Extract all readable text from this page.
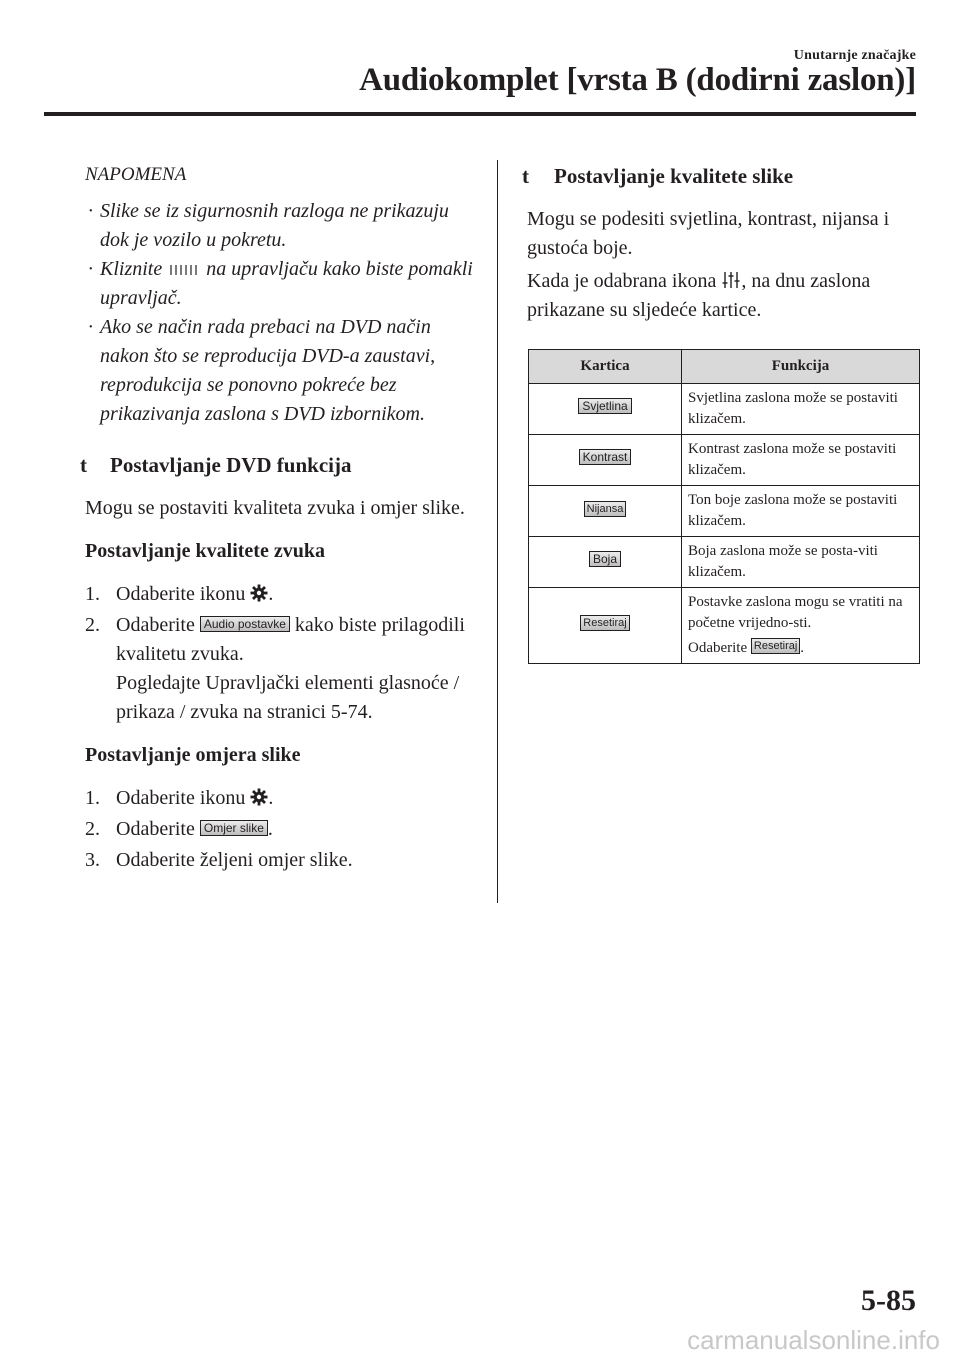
Unutarnje značajke
Audiokomplet [vrsta B (dodirni zaslon)]
NAPOMENA
· Slike se iz sigurnosnih razloga ne prikazuju dok je vozilo u pokretu.
· Kliznite na upravljaču kako biste pomakli upravljač.
· Ako se način rada prebaci na DVD način nakon što se reproducija DVD-a zaustavi, reprodukcija se ponovno pokreće bez prikazivanja zaslona s DVD izbornikom.
t Postavljanje DVD funkcija
Mogu se postaviti kvaliteta zvuka i omjer slike.
Postavljanje kvalitete zvuka
1. Odaberite ikonu .
2. Odaberite Audio postavke kako biste prilagodili kvalitetu zvuka.
Pogledajte Upravljački elementi glasnoće / prikaza / zvuka na stranici 5-74.
Postavljanje omjera slike
1. Odaberite ikonu .
2. Odaberite Omjer slike .
3. Odaberite željeni omjer slike.
t Postavljanje kvalitete slike
Mogu se podesiti svjetlina, kontrast, nijansa i gustoća boje.
Kada je odabrana ikona , na dnu zaslona prikazane su sljedeće kartice.
Kartica	Funkcija
Svjetlina	Svjetlina zaslona može se postaviti klizačem.
Kontrast	Kontrast zaslona može se postaviti klizačem.
Nijansa	Ton boje zaslona može se postaviti klizačem.
Boja	Boja zaslona može se posta-viti klizačem.
Resetiraj	Postavke zaslona mogu se vratiti na početne vrijedno-sti.
Odaberite Resetiraj .
5-85
carmanualsonline.info
